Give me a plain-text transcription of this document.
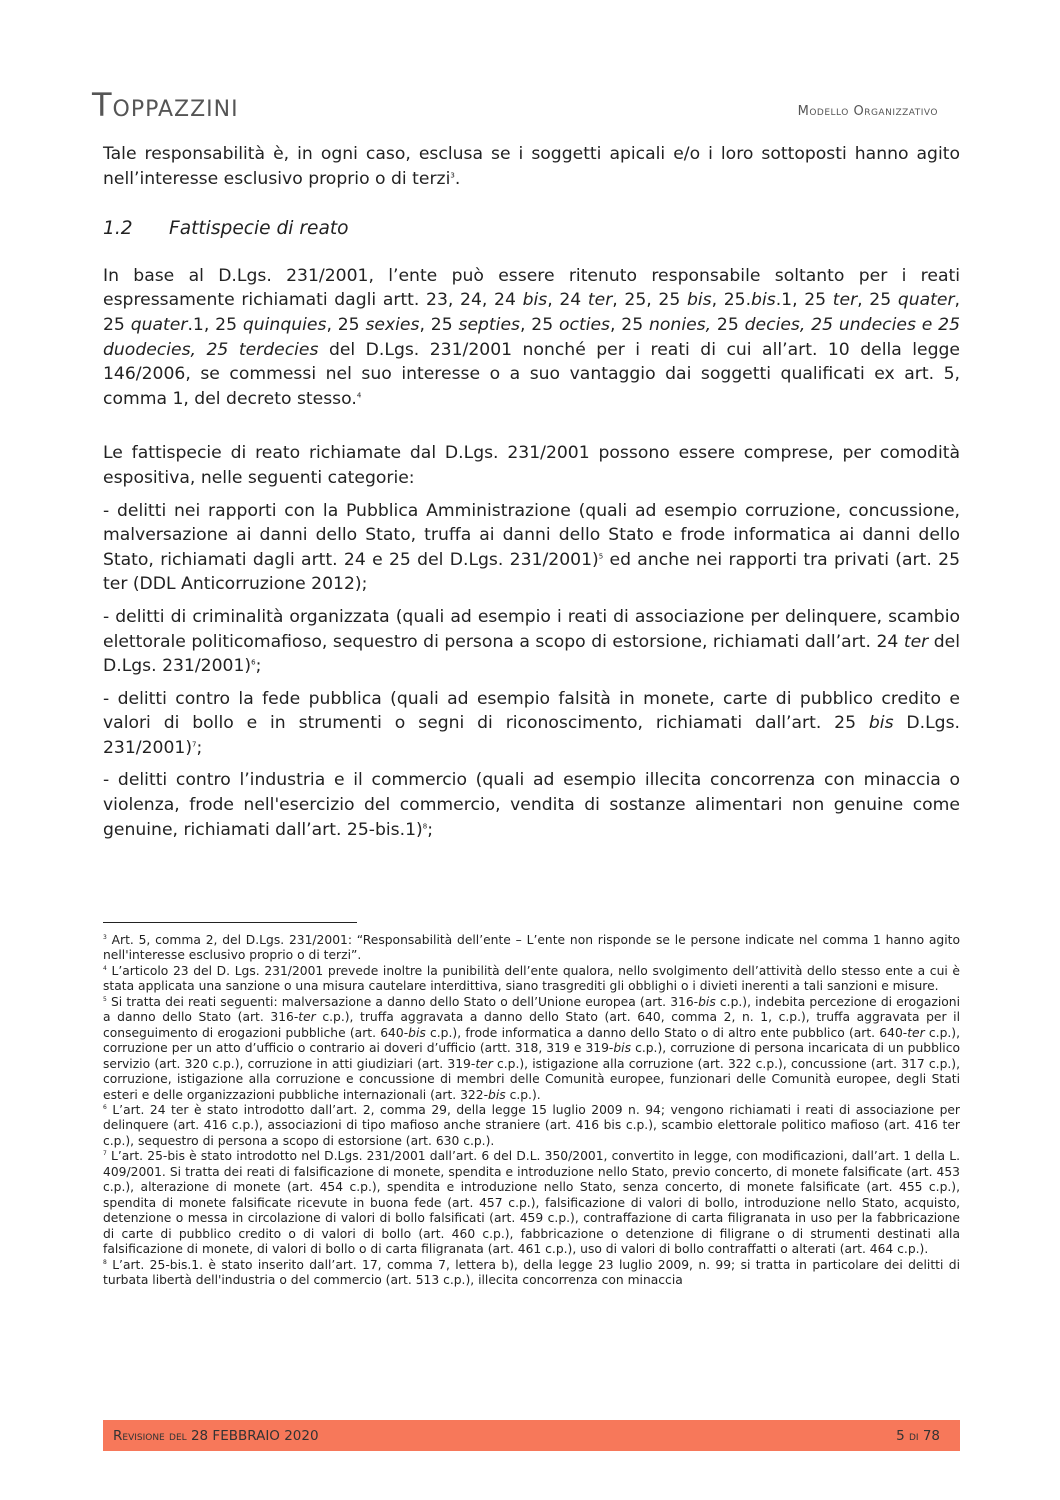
Toppazzini	Modello Organizzativo

Tale responsabilità è, in ogni caso, esclusa se i soggetti apicali e/o i loro sottoposti hanno agito nell’interesse esclusivo proprio o di terzi$^3$.

1.2 Fattispecie di reato

In base al D.Lgs. 231/2001, l’ente può essere ritenuto responsabile soltanto per i reati espressamente richiamati dagli artt. 23, 24, 24 bis, 24 ter, 25, 25 bis, 25.bis.1, 25 ter, 25 quater, 25 quater.1, 25 quinquies, 25 sexies, 25 septies, 25 octies, 25 nonies, 25 decies, 25 undecies e 25 duodecies, 25 terdecies del D.Lgs. 231/2001 nonché per i reati di cui all’art. 10 della legge 146/2006, se commessi nel suo interesse o a suo vantaggio dai soggetti qualificati ex art. 5, comma 1, del decreto stesso.$^4$

Le fattispecie di reato richiamate dal D.Lgs. 231/2001 possono essere comprese, per comodità espositiva, nelle seguenti categorie:

- delitti nei rapporti con la Pubblica Amministrazione (quali ad esempio corruzione, concussione, malversazione ai danni dello Stato, truffa ai danni dello Stato e frode informatica ai danni dello Stato, richiamati dagli artt. 24 e 25 del D.Lgs. 231/2001)$^5$ ed anche nei rapporti tra privati (art. 25 ter (DDL Anticorruzione 2012);

- delitti di criminalità organizzata (quali ad esempio i reati di associazione per delinquere, scambio elettorale politicomafioso, sequestro di persona a scopo di estorsione, richiamati dall’art. 24 ter del D.Lgs. 231/2001)$^6$;

- delitti contro la fede pubblica (quali ad esempio falsità in monete, carte di pubblico credito e valori di bollo e in strumenti o segni di riconoscimento, richiamati dall’art. 25 bis D.Lgs. 231/2001)$^7$;

- delitti contro l’industria e il commercio (quali ad esempio illecita concorrenza con minaccia o violenza, frode nell'esercizio del commercio, vendita di sostanze alimentari non genuine come genuine, richiamati dall’art. 25-bis.1)$^8$;

$^3$ Art. 5, comma 2, del D.Lgs. 231/2001: “Responsabilità dell’ente – L’ente non risponde se le persone indicate nel comma 1 hanno agito nell'interesse esclusivo proprio o di terzi”.

$^4$ L’articolo 23 del D. Lgs. 231/2001 prevede inoltre la punibilità dell’ente qualora, nello svolgimento dell’attività dello stesso ente a cui è stata applicata una sanzione o una misura cautelare interdittiva, siano trasgrediti gli obblighi o i divieti inerenti a tali sanzioni e misure.

$^5$ Si tratta dei reati seguenti: malversazione a danno dello Stato o dell’Unione europea (art. 316-bis c.p.), indebita percezione di erogazioni a danno dello Stato (art. 316-ter c.p.), truffa aggravata a danno dello Stato (art. 640, comma 2, n. 1, c.p.), truffa aggravata per il conseguimento di erogazioni pubbliche (art. 640-bis c.p.), frode informatica a danno dello Stato o di altro ente pubblico (art. 640-ter c.p.), corruzione per un atto d’ufficio o contrario ai doveri d’ufficio (artt. 318, 319 e 319-bis c.p.), corruzione di persona incaricata di un pubblico servizio (art. 320 c.p.), corruzione in atti giudiziari (art. 319-ter c.p.), istigazione alla corruzione (art. 322 c.p.), concussione (art. 317 c.p.), corruzione, istigazione alla corruzione e concussione di membri delle Comunità europee, funzionari delle Comunità europee, degli Stati esteri e delle organizzazioni pubbliche internazionali (art. 322-bis c.p.).

$^6$ L’art. 24 ter è stato introdotto dall’art. 2, comma 29, della legge 15 luglio 2009 n. 94; vengono richiamati i reati di associazione per delinquere (art. 416 c.p.), associazioni di tipo mafioso anche straniere (art. 416 bis c.p.), scambio elettorale politico mafioso (art. 416 ter c.p.), sequestro di persona a scopo di estorsione (art. 630 c.p.).

$^7$ L’art. 25-bis è stato introdotto nel D.Lgs. 231/2001 dall’art. 6 del D.L. 350/2001, convertito in legge, con modificazioni, dall’art. 1 della L. 409/2001. Si tratta dei reati di falsificazione di monete, spendita e introduzione nello Stato, previo concerto, di monete falsificate (art. 453 c.p.), alterazione di monete (art. 454 c.p.), spendita e introduzione nello Stato, senza concerto, di monete falsificate (art. 455 c.p.), spendita di monete falsificate ricevute in buona fede (art. 457 c.p.), falsificazione di valori di bollo, introduzione nello Stato, acquisto, detenzione o messa in circolazione di valori di bollo falsificati (art. 459 c.p.), contraffazione di carta filigranata in uso per la fabbricazione di carte di pubblico credito o di valori di bollo (art. 460 c.p.), fabbricazione o detenzione di filigrane o di strumenti destinati alla falsificazione di monete, di valori di bollo o di carta filigranata (art. 461 c.p.), uso di valori di bollo contraffatti o alterati (art. 464 c.p.).

$^8$ L’art. 25-bis.1. è stato inserito dall’art. 17, comma 7, lettera b), della legge 23 luglio 2009, n. 99; si tratta in particolare dei delitti di turbata libertà dell'industria o del commercio (art. 513 c.p.), illecita concorrenza con minaccia

Revisione del 28 FEBBRAIO 2020	5 di 78
